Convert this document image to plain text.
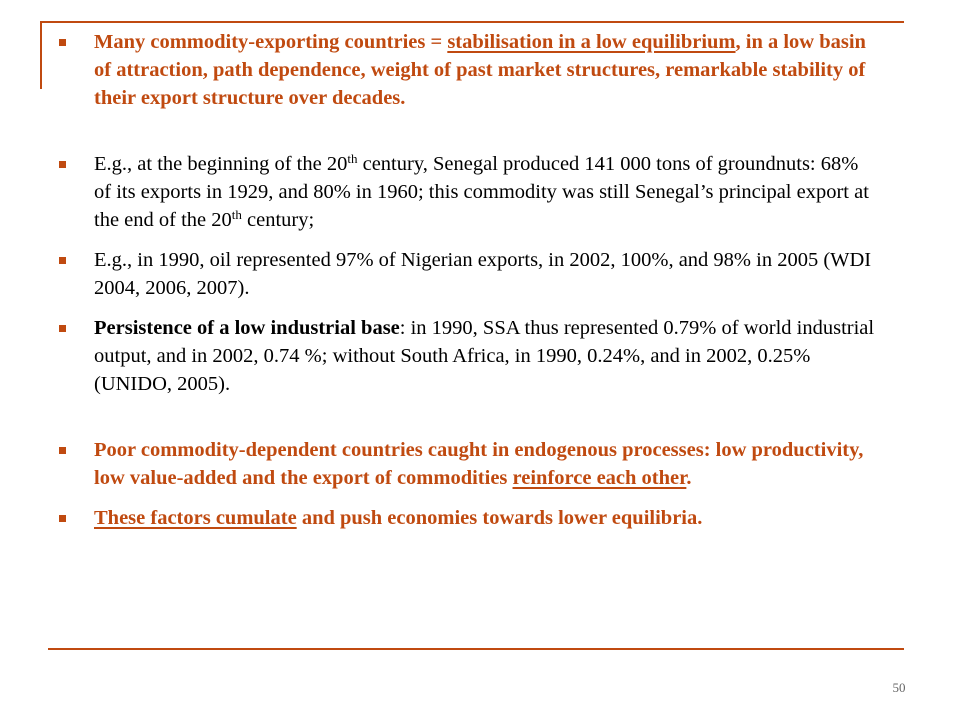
Many commodity-exporting countries = stabilisation in a low equilibrium, in a low basin of attraction, path dependence, weight of past market structures, remarkable stability of their export structure over decades.
E.g., at the beginning of the 20th century, Senegal produced 141 000 tons of groundnuts: 68% of its exports in 1929, and 80% in 1960; this commodity was still Senegal’s principal export at the end of the 20th century;
E.g., in 1990, oil represented 97% of Nigerian exports, in 2002, 100%, and 98% in 2005 (WDI 2004, 2006, 2007).
Persistence of a low industrial base: in 1990, SSA thus represented 0.79% of world industrial output, and in 2002, 0.74 %; without South Africa, in 1990, 0.24%, and in 2002, 0.25% (UNIDO, 2005).
Poor commodity-dependent countries caught in endogenous processes: low productivity, low value-added and the export of commodities reinforce each other.
These factors cumulate and push economies towards lower equilibria.
50
